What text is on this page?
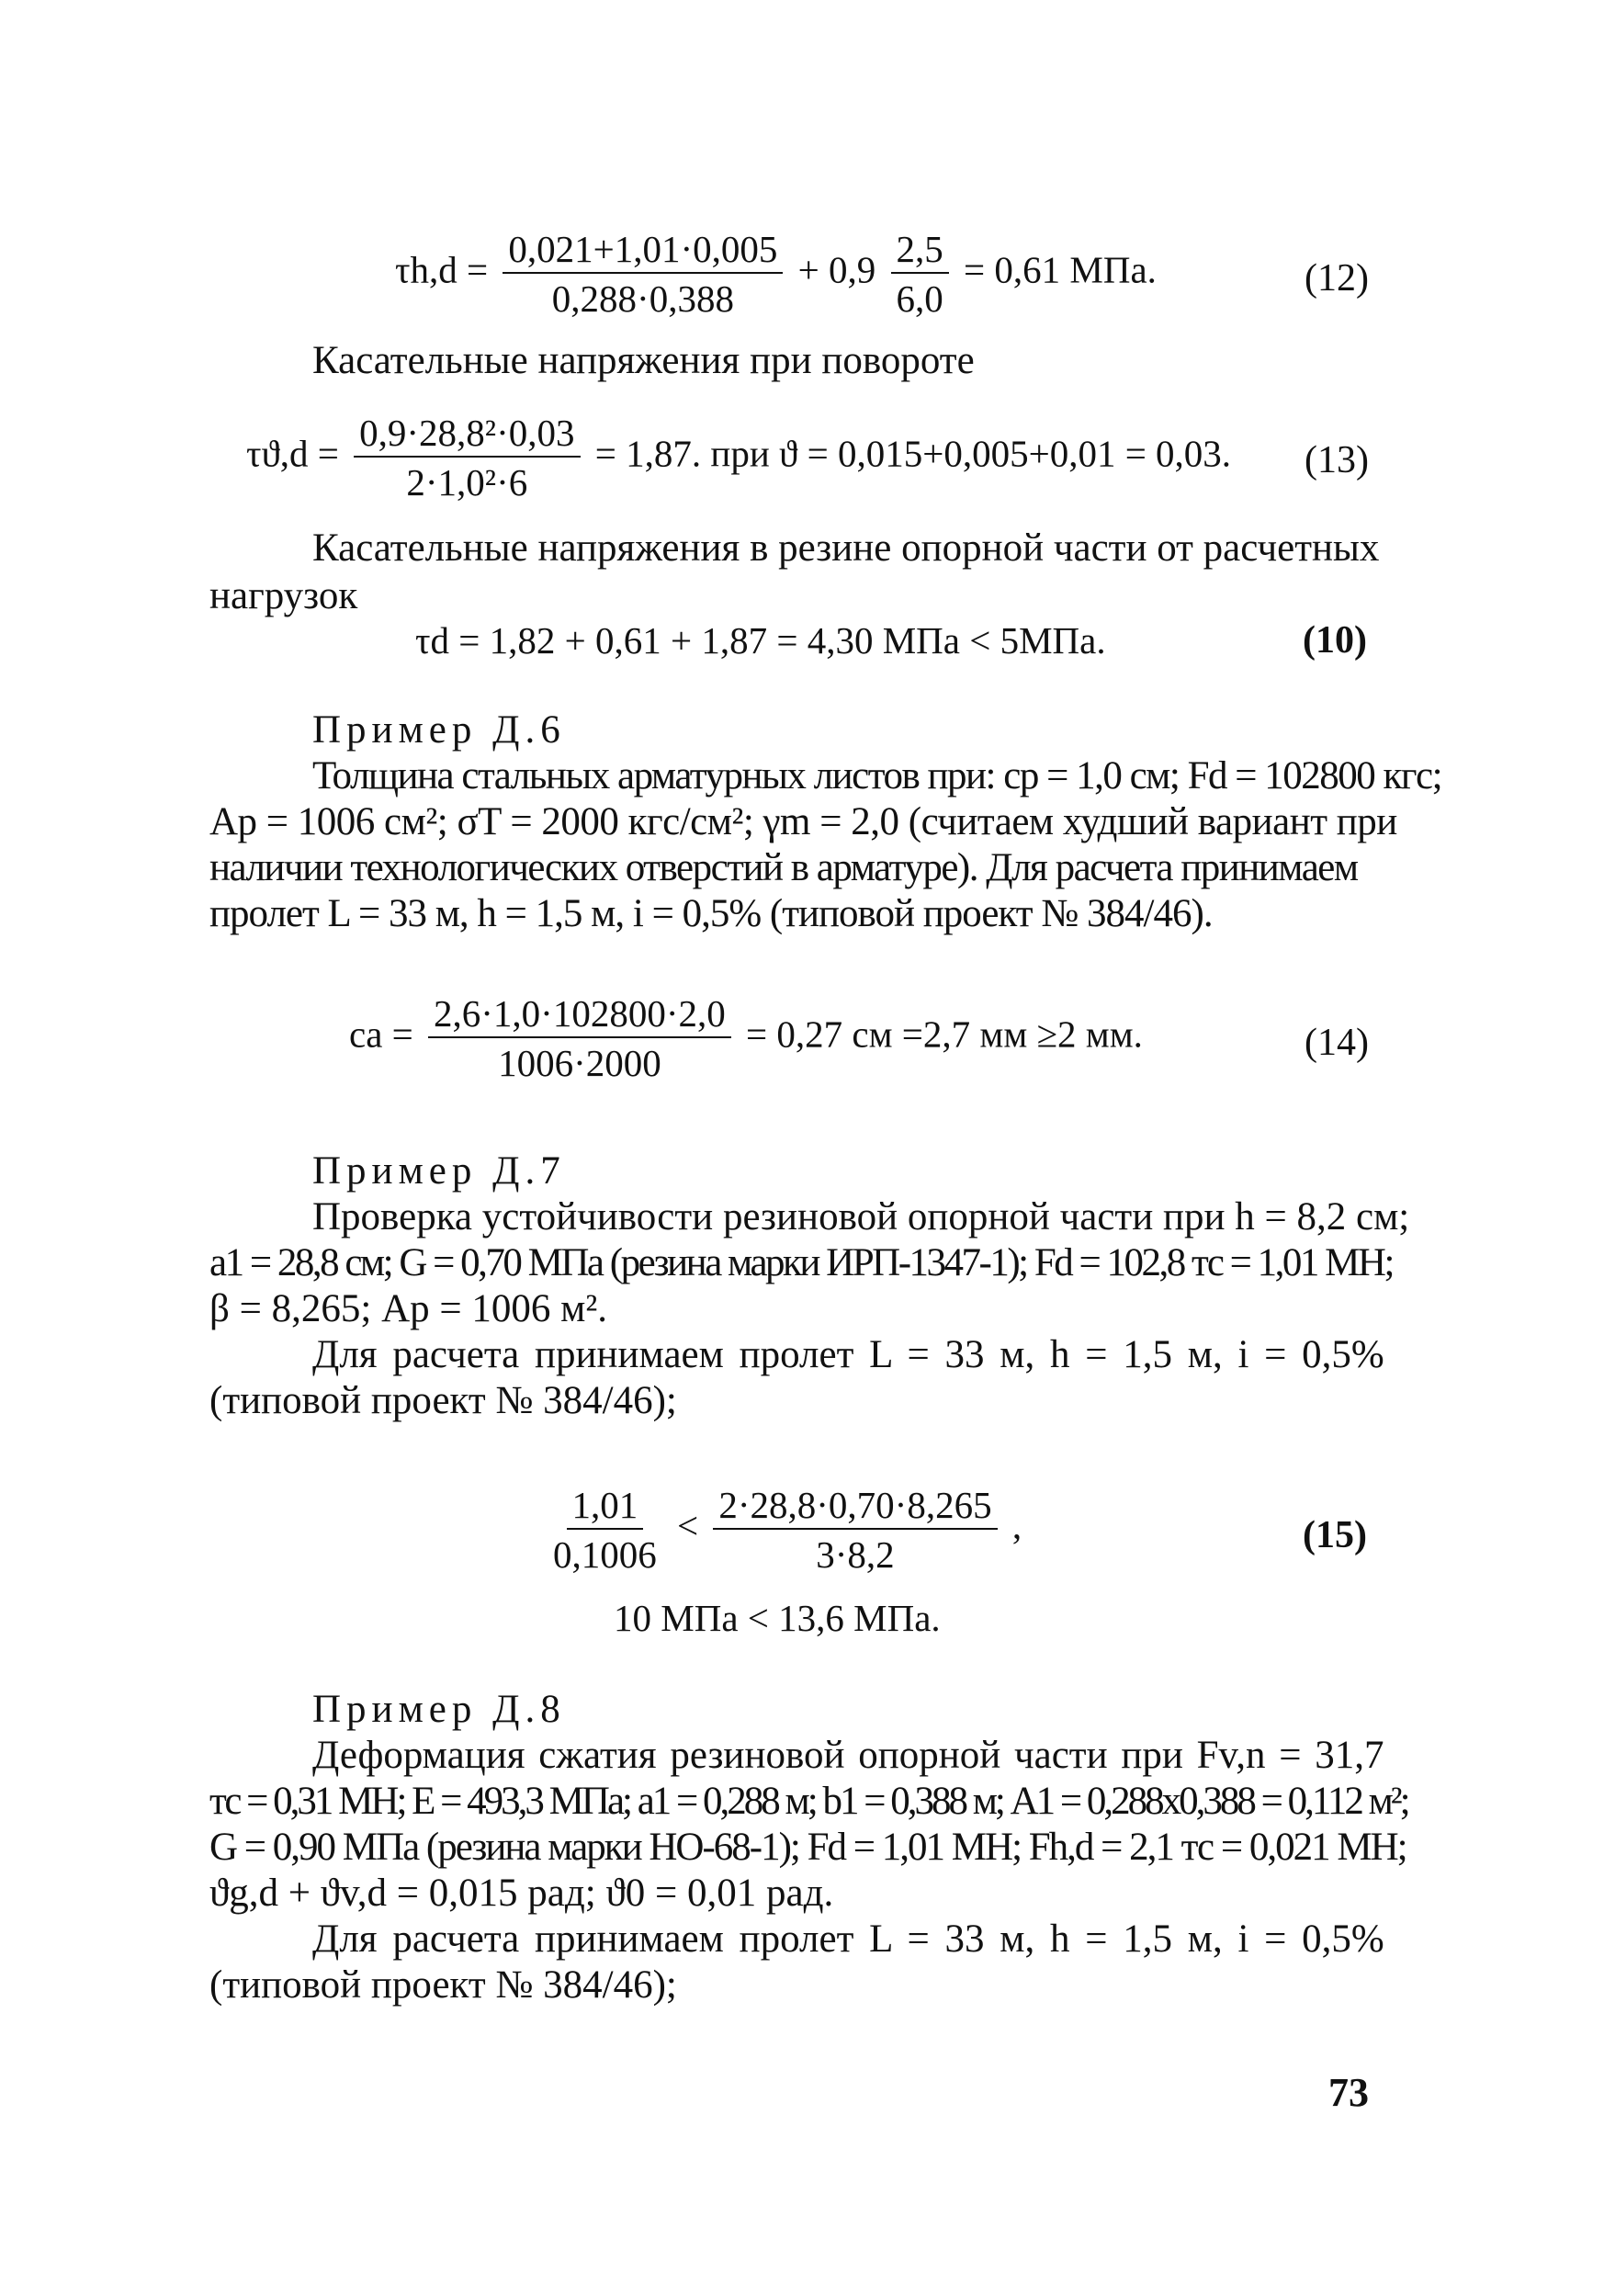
$\tau h,d = \frac{0,021+1,01\cdot 0,005}{0,288\cdot 0,388} + 0,9 \frac{2,5}{6,0} = 0,61$ МПа.	(12)
Касательные напряжения при повороте
$\tau ϑ,d = \frac{\text{0,9·28,8²·0,03}}{\text{2·1,0²·6}} = 1,87$. при ϑ = 0,015+0,005+0,01 = 0,03. (13)
Касательные напряжения в резине опорной части от расчетных
нагрузок
τd = 1,82 + 0,61 + 1,87 = 4,30 МПа < 5МПа.	(10)
Пример Д.6
Толщина стальных арматурных листов при: cp = 1,0 см; Fd = 102800 кгс;
Ap = 1006 см²; σT = 2000 кгс/см²; γm = 2,0 (считаем худший вариант при
наличии технологических отверстий в арматуре). Для расчета принимаем
пролет L = 33 м, h = 1,5 м, i = 0,5% (типовой проект № 384/46).
ca = $\frac{2,6\cdot 1,0\cdot 102800\cdot 2,0}{1006\cdot 2000} = 0,27$ см =2,7 мм ≥2 мм.	(14)
Пример Д.7
Проверка устойчивости резиновой опорной части при h = 8,2 см;
a1 = 28,8 см; G = 0,70 МПа (резина марки ИРП-1347-1); Fd = 102,8 тс = 1,01 МН;
β = 8,265; Ap = 1006 м².
Для расчета принимаем пролет L = 33 м, h = 1,5 м, i = 0,5%
(типовой проект № 384/46);
$\frac{1,01}{0,1006} < \frac{2\cdot 28,8\cdot 0,70\cdot 8,265}{3\cdot 8,2}$ ,	(15)
10 МПа < 13,6 МПа.
Пример Д.8
Деформация сжатия резиновой опорной части при Fv,n = 31,7
тс = 0,31 МН; E = 493,3 МПа; a1 = 0,288 м; b1 = 0,388 м; A1 = 0,288x0,388 = 0,112 м²;
G = 0,90 МПа (резина марки НО-68-1); Fd = 1,01 МН; Fh,d = 2,1 тс = 0,021 МН;
ϑg,d + ϑv,d = 0,015 рад; ϑ0 = 0,01 рад.
Для расчета принимаем пролет L = 33 м, h = 1,5 м, i = 0,5%
(типовой проект № 384/46);
73
